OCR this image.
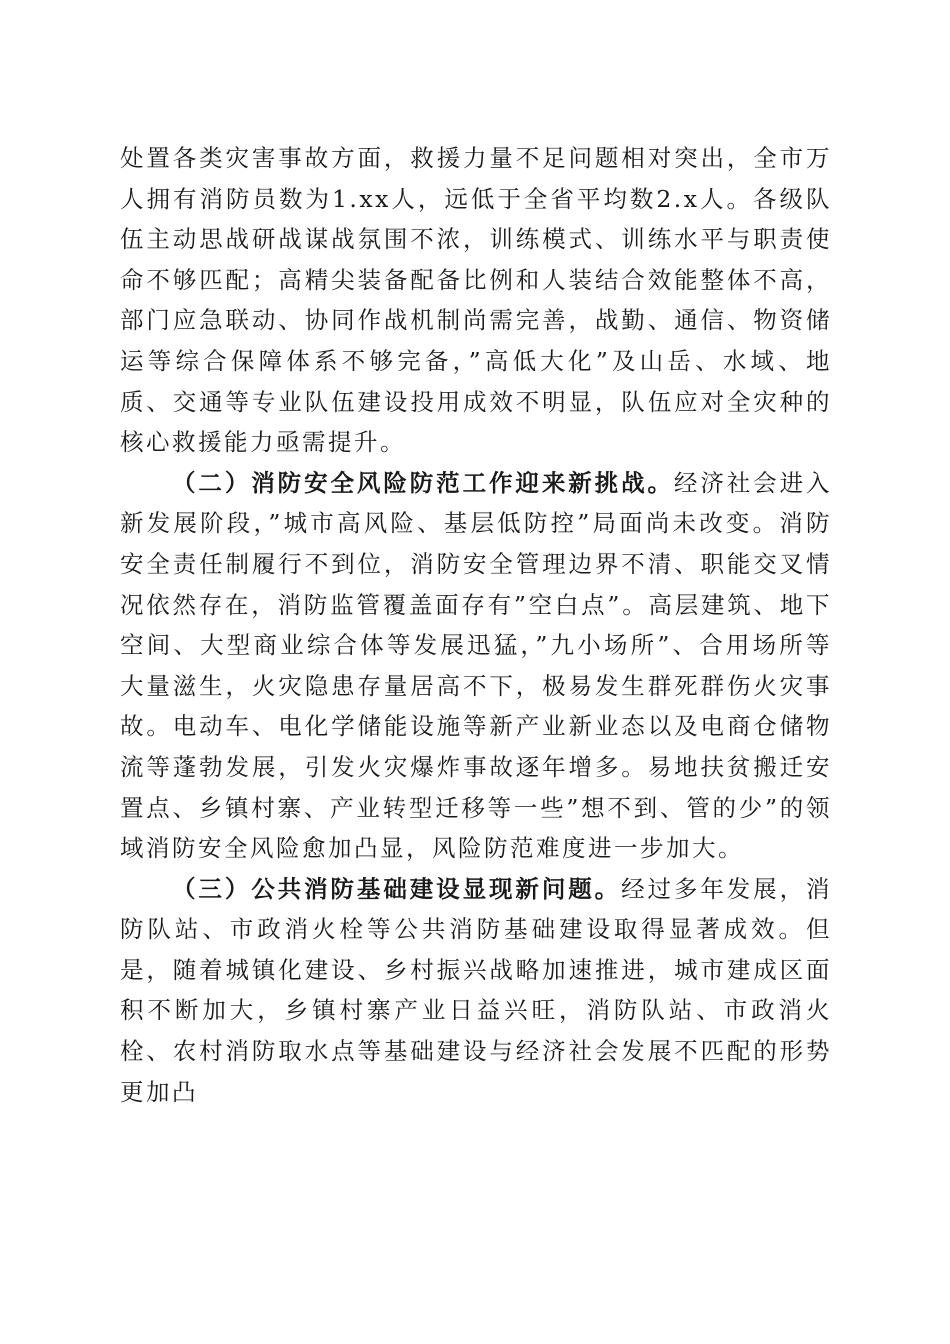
处置各类灾害事故方面，救援力量不足问题相对突出，全市万人拥有消防员数为1.xx人，远低于全省平均数2.x人。各级队伍主动思战研战谋战氛围不浓，训练模式、训练水平与职责使命不够匹配；高精尖装备配备比例和人装结合效能整体不高，部门应急联动、协同作战机制尚需完善，战勤、通信、物资储运等综合保障体系不够完备，”高低大化”及山岳、水域、地质、交通等专业队伍建设投用成效不明显，队伍应对全灾种的核心救援能力亟需提升。

（二）消防安全风险防范工作迎来新挑战。经济社会进入新发展阶段，”城市高风险、基层低防控”局面尚未改变。消防安全责任制履行不到位，消防安全管理边界不清、职能交叉情况依然存在，消防监管覆盖面存有”空白点”。高层建筑、地下空间、大型商业综合体等发展迅猛，”九小场所”、合用场所等大量滋生，火灾隐患存量居高不下，极易发生群死群伤火灾事故。电动车、电化学储能设施等新产业新业态以及电商仓储物流等蓬勃发展，引发火灾爆炸事故逐年增多。易地扶贫搬迁安置点、乡镇村寨、产业转型迁移等一些”想不到、管的少”的领域消防安全风险愈加凸显，风险防范难度进一步加大。

（三）公共消防基础建设显现新问题。经过多年发展，消防队站、市政消火栓等公共消防基础建设取得显著成效。但是，随着城镇化建设、乡村振兴战略加速推进，城市建成区面积不断加大，乡镇村寨产业日益兴旺，消防队站、市政消火栓、农村消防取水点等基础建设与经济社会发展不匹配的形势更加凸
